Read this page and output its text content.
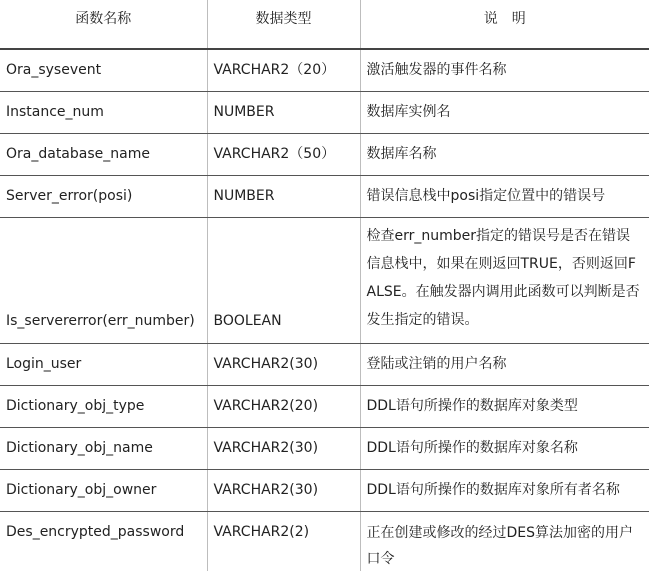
函数名称	数据类型	说　明
Ora_sysevent	VARCHAR2（20）	激活触发器的事件名称
Instance_num	NUMBER	数据库实例名
Ora_database_name	VARCHAR2（50）	数据库名称
Server_error(posi)	NUMBER	错误信息栈中posi指定位置中的错误号
Is_servererror(err_number)	BOOLEAN	检查err_number指定的错误号是否在错误信息栈中，如果在则返回TRUE，否则返回FALSE。在触发器内调用此函数可以判断是否发生指定的错误。
Login_user	VARCHAR2(30)	登陆或注销的用户名称
Dictionary_obj_type	VARCHAR2(20)	DDL语句所操作的数据库对象类型
Dictionary_obj_name	VARCHAR2(30)	DDL语句所操作的数据库对象名称
Dictionary_obj_owner	VARCHAR2(30)	DDL语句所操作的数据库对象所有者名称
Des_encrypted_password	VARCHAR2(2)	正在创建或修改的经过DES算法加密的用户口令
